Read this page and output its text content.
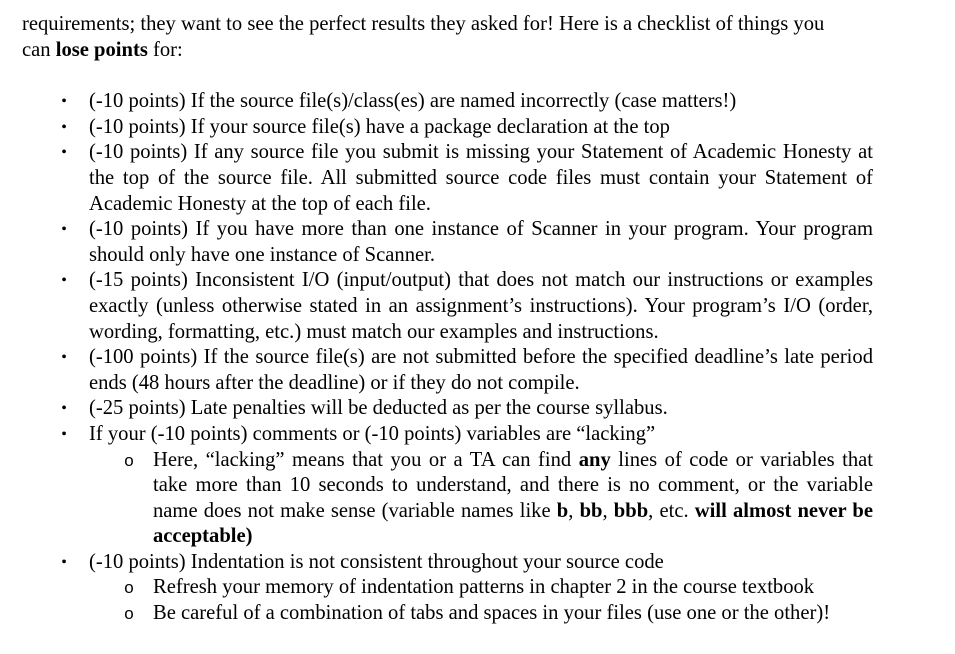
requirements; they want to see the perfect results they asked for! Here is a checklist of things you
can lose points for:

• (-10 points) If the source file(s)/class(es) are named incorrectly (case matters!)
• (-10 points) If your source file(s) have a package declaration at the top
• (-10 points) If any source file you submit is missing your Statement of Academic Honesty at the top of the source file. All submitted source code files must contain your Statement of Academic Honesty at the top of each file.
• (-10 points) If you have more than one instance of Scanner in your program. Your program should only have one instance of Scanner.
• (-15 points) Inconsistent I/O (input/output) that does not match our instructions or examples exactly (unless otherwise stated in an assignment’s instructions). Your program’s I/O (order, wording, formatting, etc.) must match our examples and instructions.
• (-100 points) If the source file(s) are not submitted before the specified deadline’s late period ends (48 hours after the deadline) or if they do not compile.
• (-25 points) Late penalties will be deducted as per the course syllabus.
• If your (-10 points) comments or (-10 points) variables are “lacking”
o Here, “lacking” means that you or a TA can find any lines of code or variables that take more than 10 seconds to understand, and there is no comment, or the variable name does not make sense (variable names like b, bb, bbb, etc. will almost never be acceptable)
• (-10 points) Indentation is not consistent throughout your source code
o Refresh your memory of indentation patterns in chapter 2 in the course textbook
o Be careful of a combination of tabs and spaces in your files (use one or the other)!
